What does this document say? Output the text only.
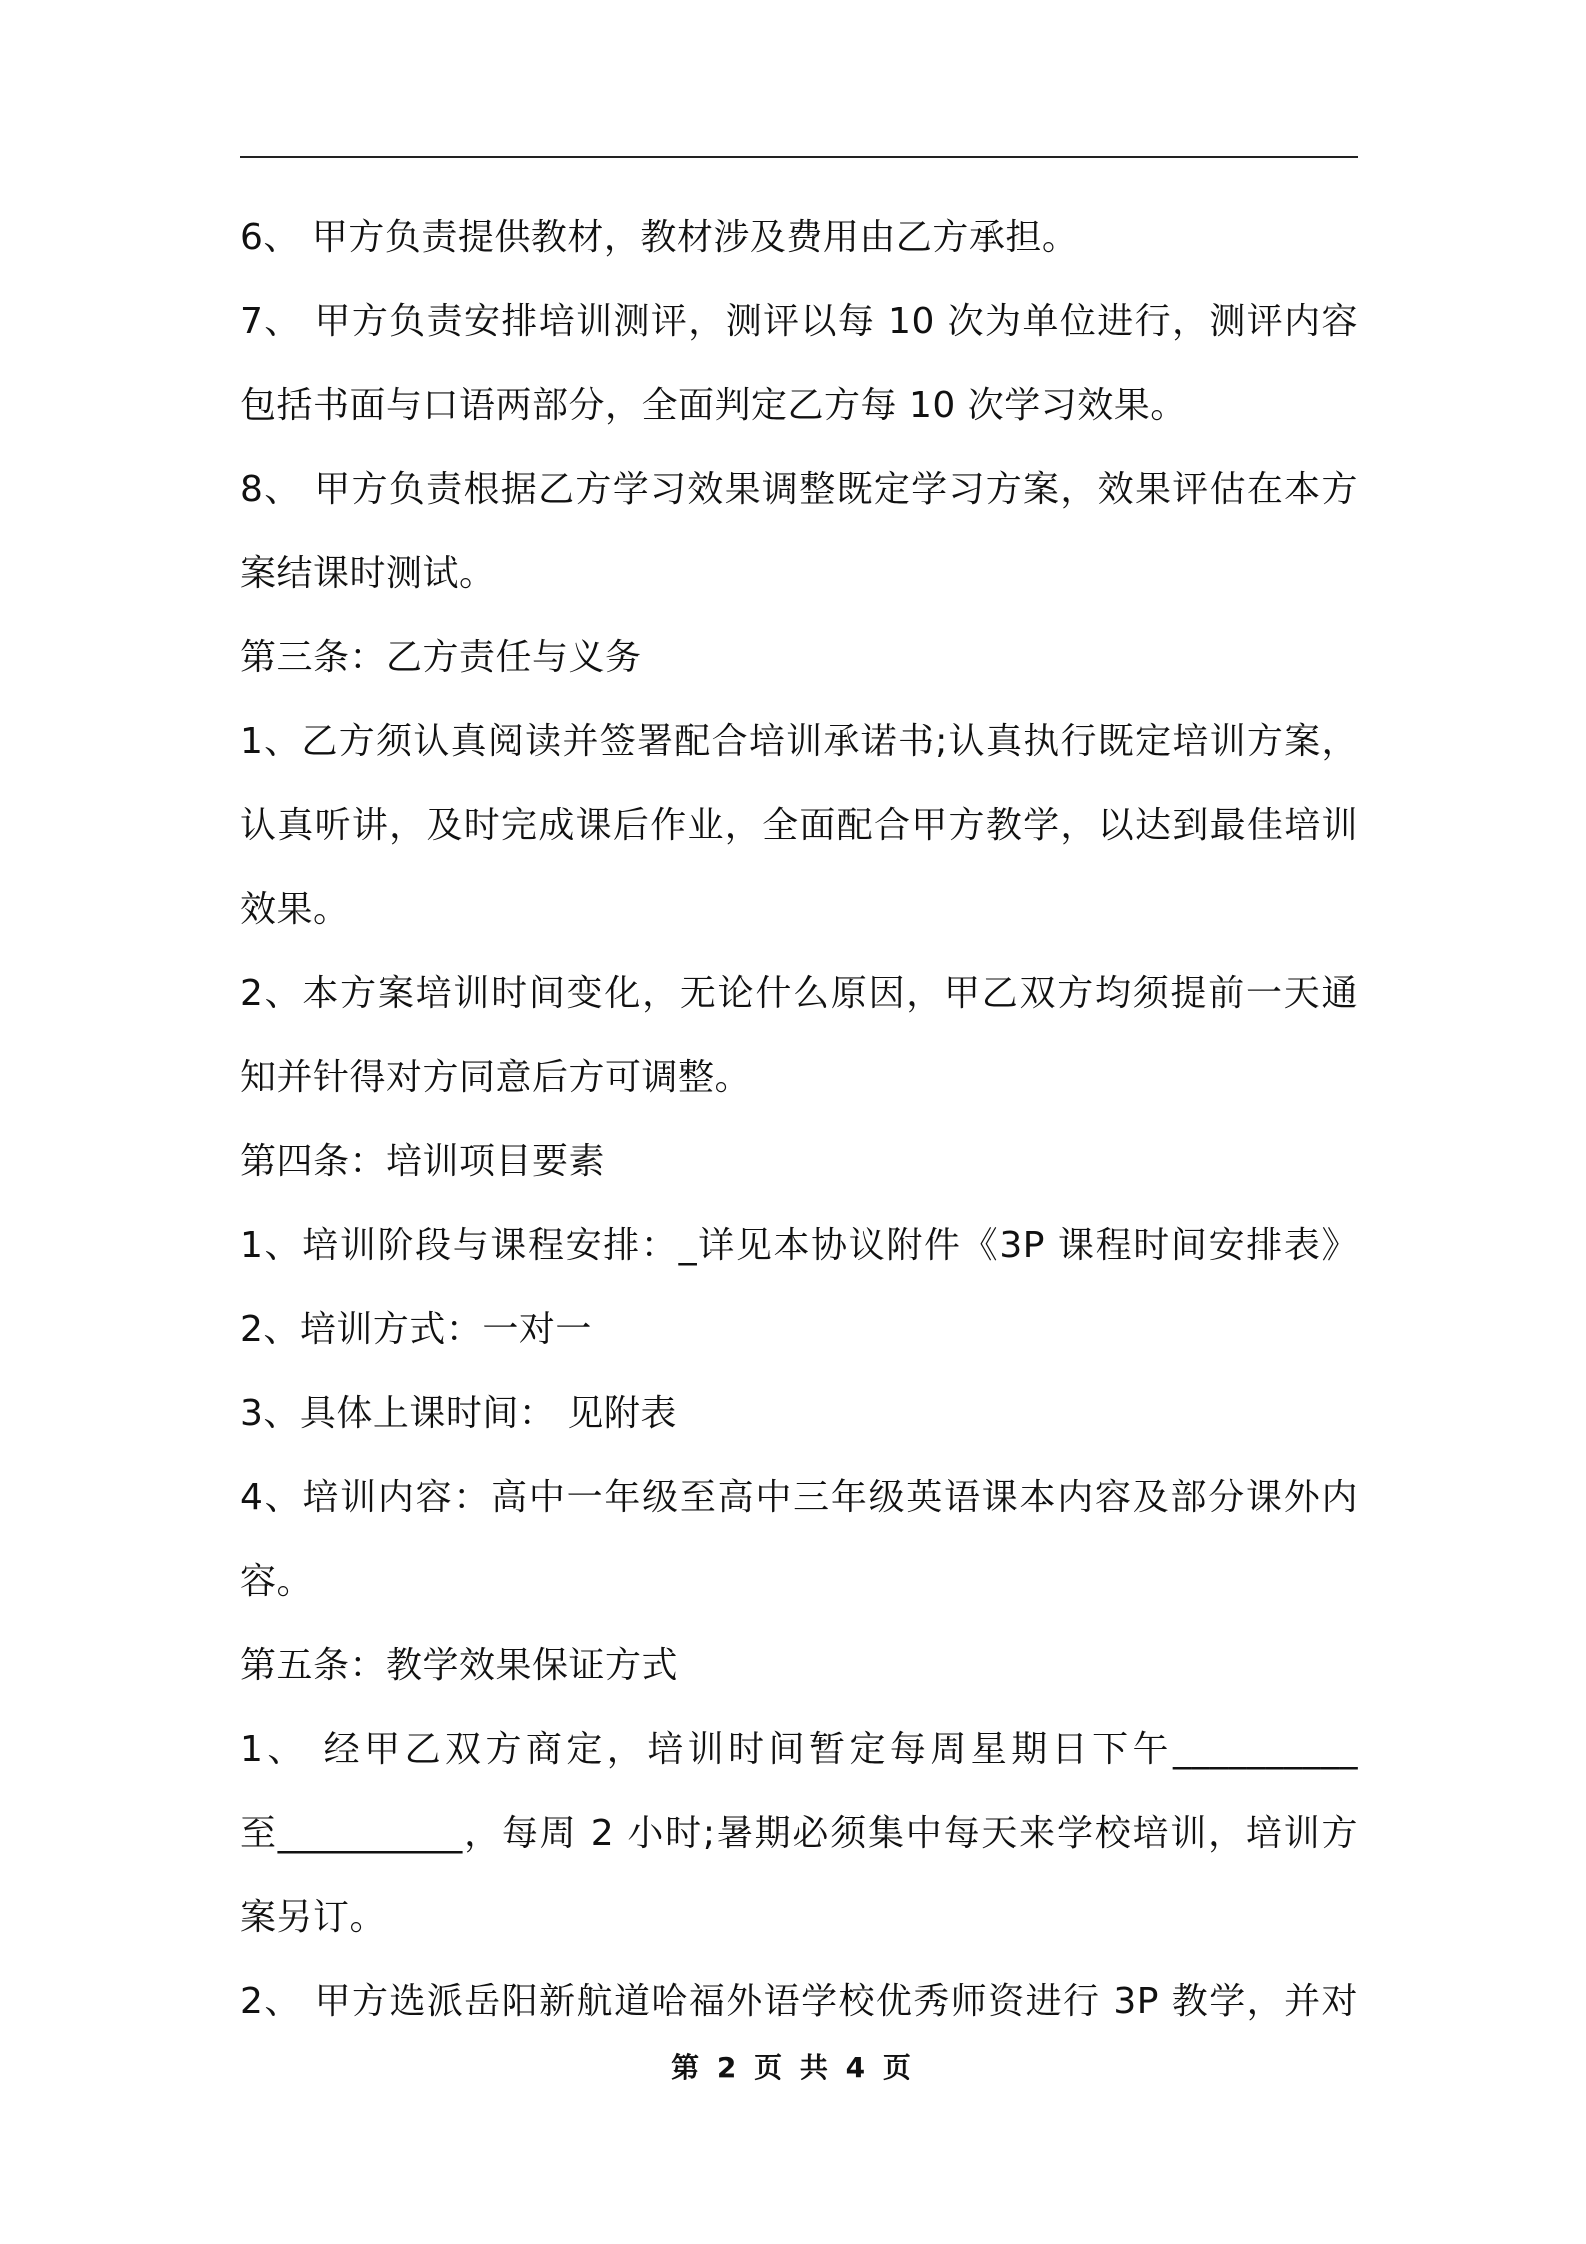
6、 甲方负责提供教材，教材涉及费用由乙方承担。
7、 甲方负责安排培训测评，测评以每 10 次为单位进行，测评内容
包括书面与口语两部分，全面判定乙方每 10 次学习效果。
8、 甲方负责根据乙方学习效果调整既定学习方案，效果评估在本方
案结课时测试。
第三条：乙方责任与义务
1、乙方须认真阅读并签署配合培训承诺书;认真执行既定培训方案，
认真听讲，及时完成课后作业，全面配合甲方教学，以达到最佳培训
效果。
2、本方案培训时间变化，无论什么原因，甲乙双方均须提前一天通
知并针得对方同意后方可调整。
第四条：培训项目要素
1、培训阶段与课程安排：_详见本协议附件《3P 课程时间安排表》
2、培训方式：一对一
3、具体上课时间： 见附表
4、培训内容：高中一年级至高中三年级英语课本内容及部分课外内
容。
第五条：教学效果保证方式
1、 经甲乙双方商定，培训时间暂定每周星期日下午__________
至__________，每周 2 小时;暑期必须集中每天来学校培训，培训方
案另订。
2、 甲方选派岳阳新航道哈福外语学校优秀师资进行 3P 教学，并对
第 2 页 共 4 页
